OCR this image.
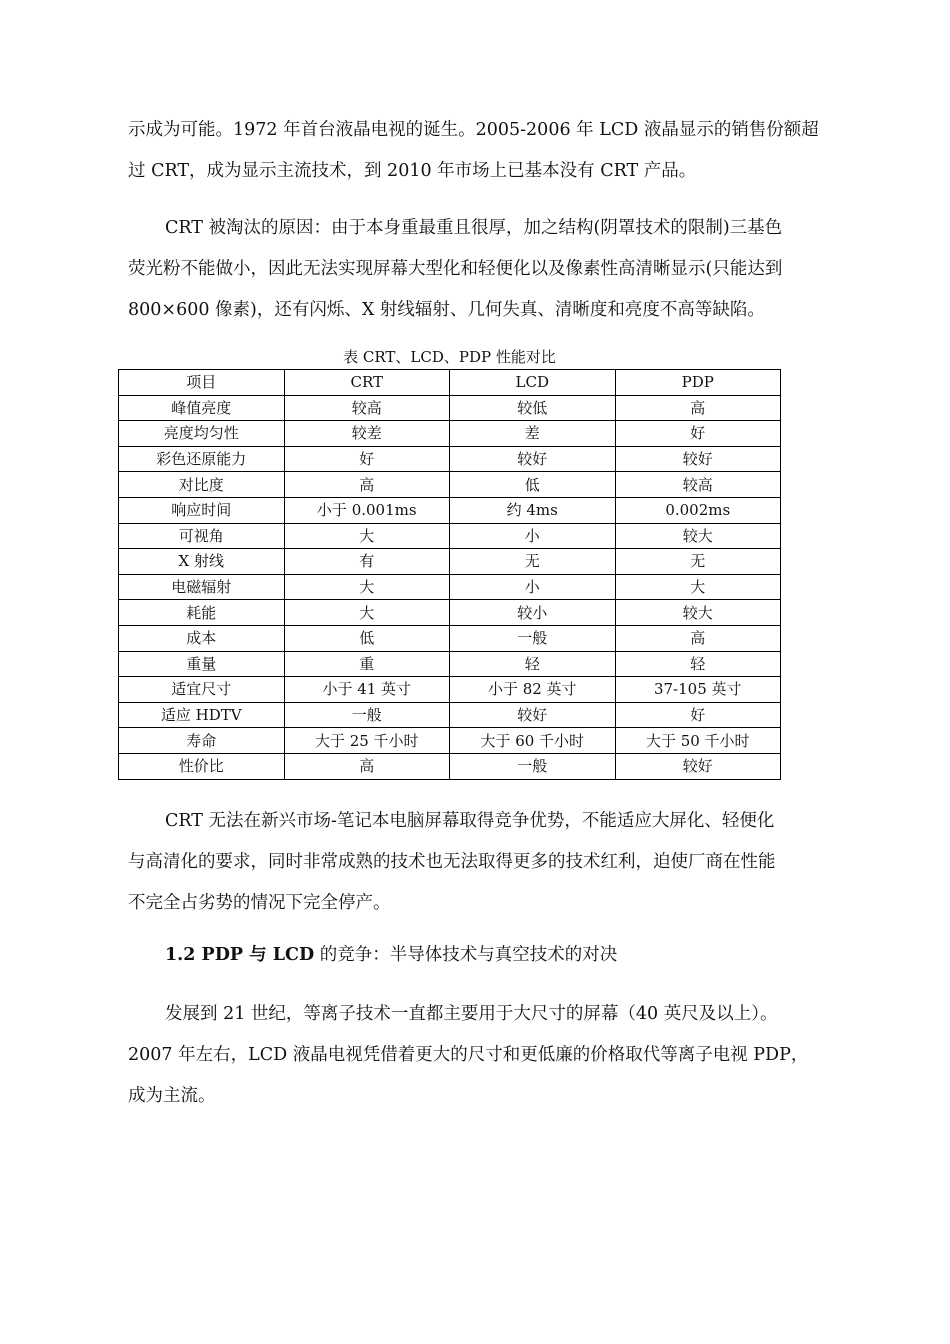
示成为可能。1972 年首台液晶电视的诞生。2005-2006 年 LCD 液晶显示的销售份额超
过 CRT，成为显示主流技术，到 2010 年市场上已基本没有 CRT 产品。

CRT 被淘汰的原因：由于本身重最重且很厚，加之结构(阴罩技术的限制)三基色
荧光粉不能做小，因此无法实现屏幕大型化和轻便化以及像素性高清晰显示(只能达到
800×600 像素)，还有闪烁、X 射线辐射、几何失真、清晰度和亮度不高等缺陷。

表 CRT、LCD、PDP 性能对比

项目	CRT	LCD	PDP
峰值亮度	较高	较低	高
亮度均匀性	较差	差	好
彩色还原能力	好	较好	较好
对比度	高	低	较高
响应时间	小于 0.001ms	约 4ms	0.002ms
可视角	大	小	较大
X 射线	有	无	无
电磁辐射	大	小	大
耗能	大	较小	较大
成本	低	一般	高
重量	重	轻	轻
适宜尺寸	小于 41 英寸	小于 82 英寸	37-105 英寸
适应 HDTV	一般	较好	好
寿命	大于 25 千小时	大于 60 千小时	大于 50 千小时
性价比	高	一般	较好

CRT 无法在新兴市场-笔记本电脑屏幕取得竞争优势，不能适应大屏化、轻便化
与高清化的要求，同时非常成熟的技术也无法取得更多的技术红利，迫使厂商在性能
不完全占劣势的情况下完全停产。

1.2 PDP 与 LCD 的竞争：半导体技术与真空技术的对决

发展到 21 世纪，等离子技术一直都主要用于大尺寸的屏幕（40 英尺及以上）。
2007 年左右，LCD 液晶电视凭借着更大的尺寸和更低廉的价格取代等离子电视 PDP，
成为主流。
